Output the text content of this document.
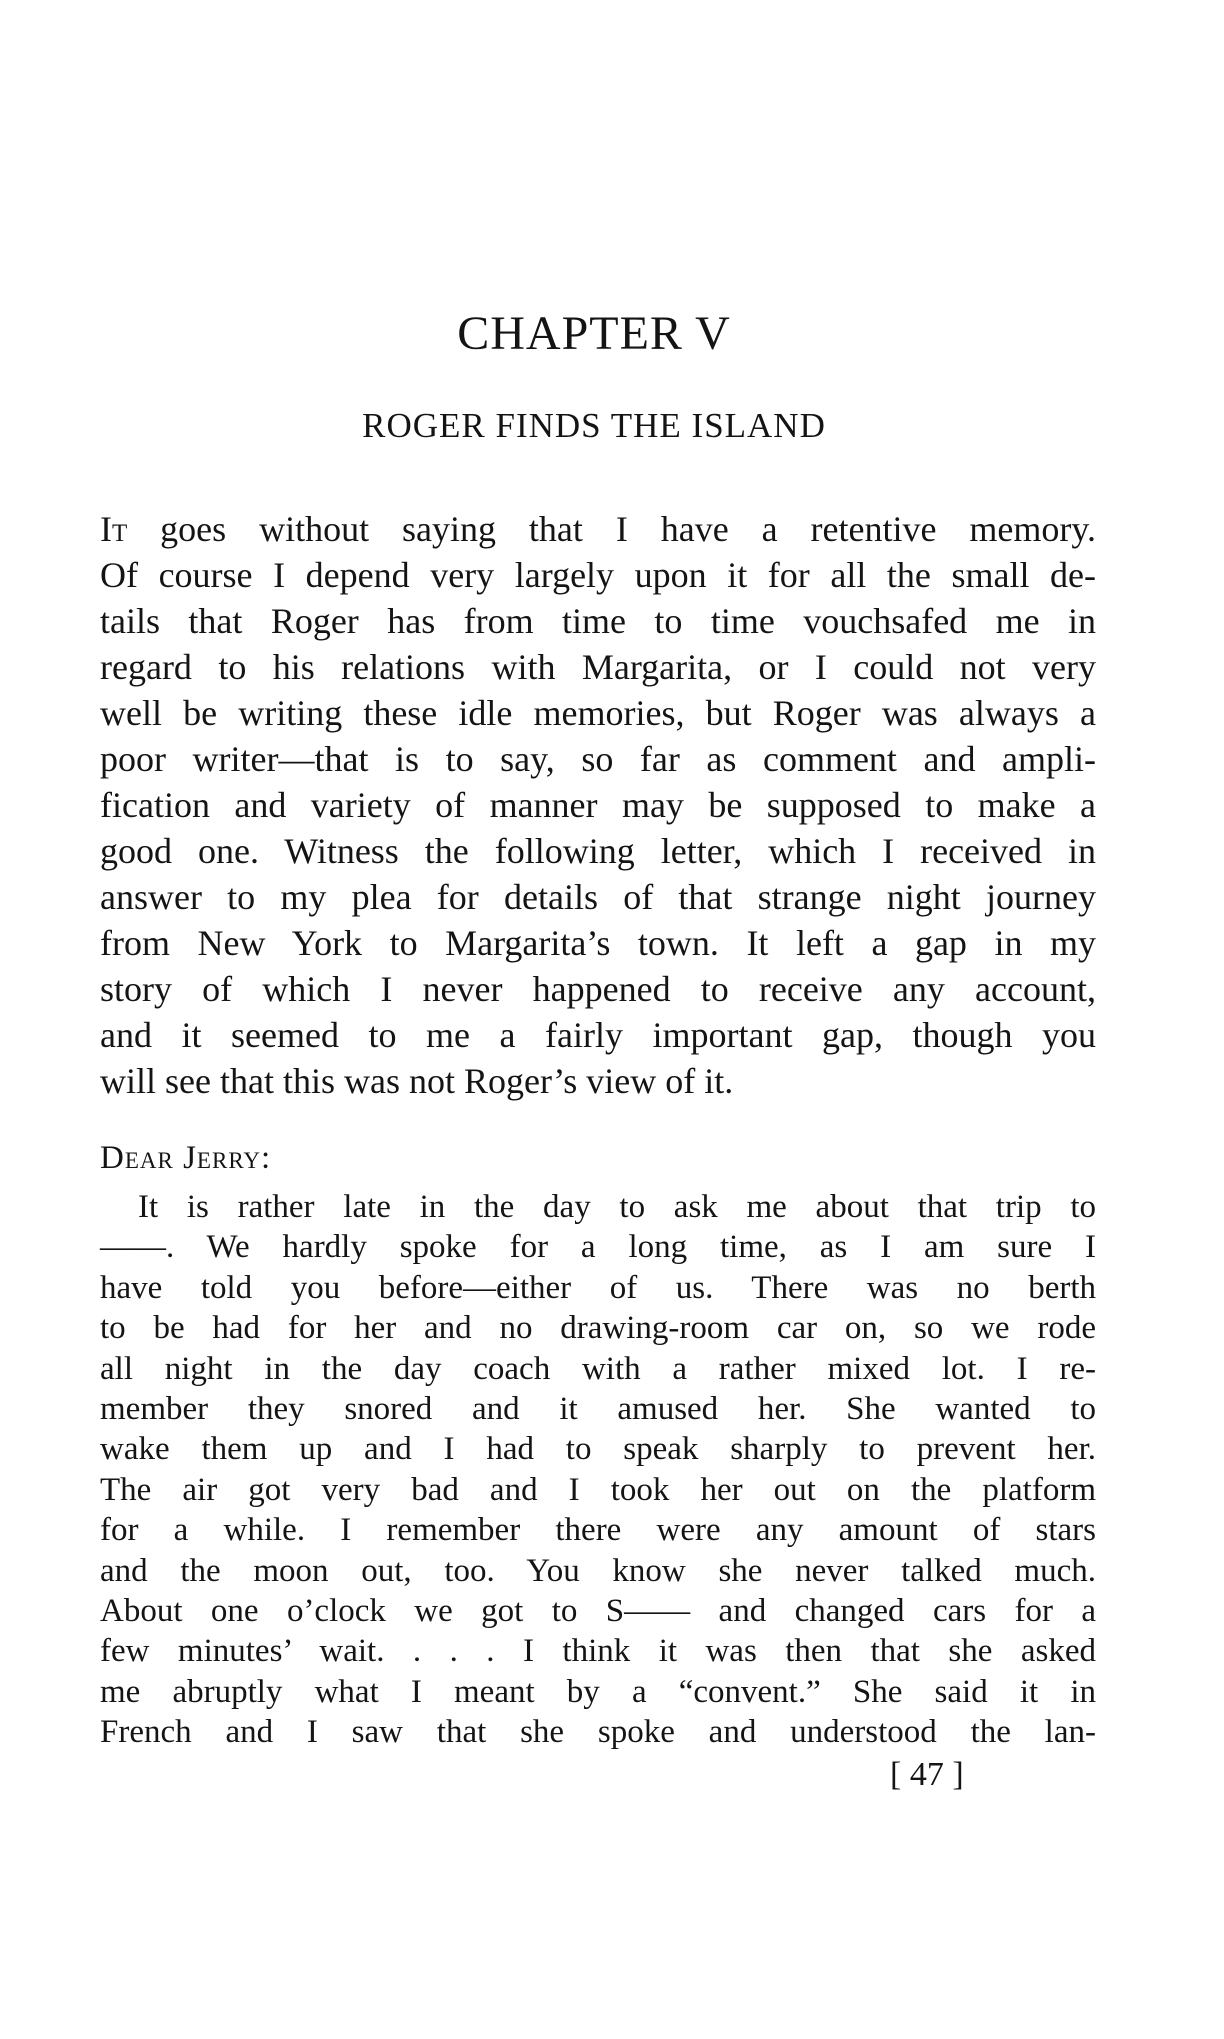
CHAPTER V
ROGER FINDS THE ISLAND
It goes without saying that I have a retentive memory.
Of course I depend very largely upon it for all the small de-
tails that Roger has from time to time vouchsafed me in
regard to his relations with Margarita, or I could not very
well be writing these idle memories, but Roger was always a
poor writer—that is to say, so far as comment and ampli-
fication and variety of manner may be supposed to make a
good one. Witness the following letter, which I received in
answer to my plea for details of that strange night journey
from New York to Margarita’s town. It left a gap in my
story of which I never happened to receive any account,
and it seemed to me a fairly important gap, though you
will see that this was not Roger’s view of it.
Dear Jerry:
It is rather late in the day to ask me about that trip to
——. We hardly spoke for a long time, as I am sure I
have told you before—either of us. There was no berth
to be had for her and no drawing-room car on, so we rode
all night in the day coach with a rather mixed lot. I re-
member they snored and it amused her. She wanted to
wake them up and I had to speak sharply to prevent her.
The air got very bad and I took her out on the platform
for a while. I remember there were any amount of stars
and the moon out, too. You know she never talked much.
About one o’clock we got to S—— and changed cars for a
few minutes’ wait. . . . I think it was then that she asked
me abruptly what I meant by a “convent.” She said it in
French and I saw that she spoke and understood the lan-
[ 47 ]
